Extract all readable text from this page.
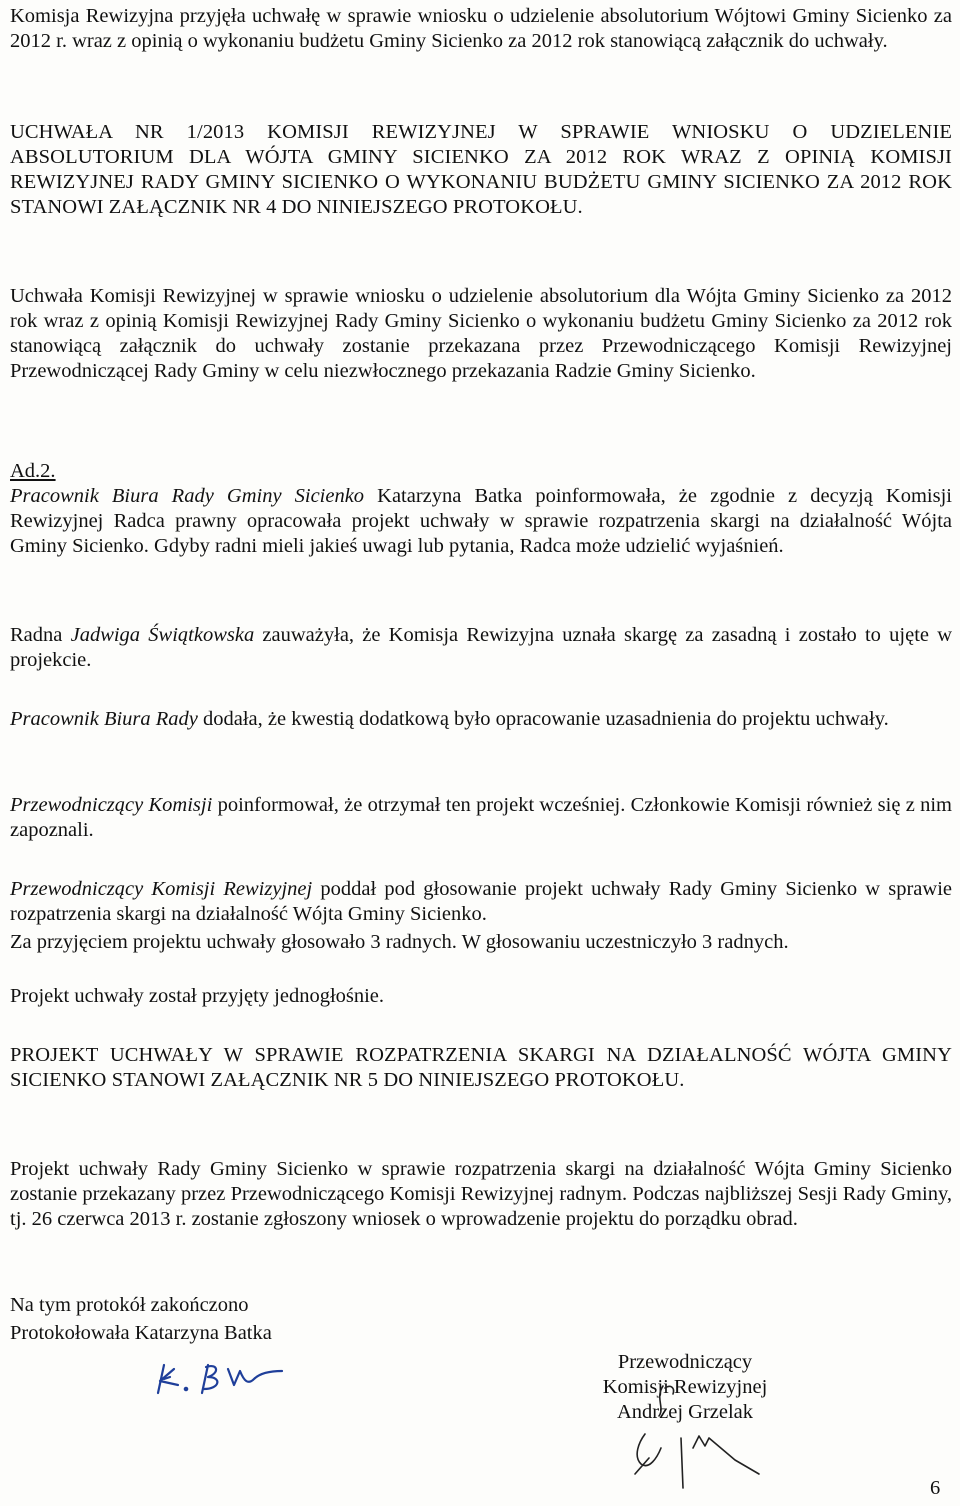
Komisja Rewizyjna przyjęła uchwałę w sprawie wniosku o udzielenie absolutorium Wójtowi Gminy Sicienko za 2012 r. wraz z opinią o wykonaniu budżetu Gminy Sicienko za 2012 rok stanowiącą załącznik do uchwały.

UCHWAŁA NR 1/2013 KOMISJI REWIZYJNEJ W SPRAWIE WNIOSKU O UDZIELENIE ABSOLUTORIUM DLA WÓJTA GMINY SICIENKO ZA 2012 ROK WRAZ Z OPINIĄ KOMISJI REWIZYJNEJ RADY GMINY SICIENKO O WYKONANIU BUDŻETU GMINY SICIENKO ZA 2012 ROK STANOWI ZAŁĄCZNIK NR 4 DO NINIEJSZEGO PROTOKOŁU.

Uchwała Komisji Rewizyjnej w sprawie wniosku o udzielenie absolutorium dla Wójta Gminy Sicienko za 2012 rok wraz z opinią Komisji Rewizyjnej Rady Gminy Sicienko o wykonaniu budżetu Gminy Sicienko za 2012 rok stanowiącą załącznik do uchwały zostanie przekazana przez Przewodniczącego Komisji Rewizyjnej Przewodniczącej Rady Gminy w celu niezwłocznego przekazania Radzie Gminy Sicienko.

Ad.2.

Pracownik Biura Rady Gminy Sicienko Katarzyna Batka poinformowała, że zgodnie z decyzją Komisji Rewizyjnej Radca prawny opracowała projekt uchwały w sprawie rozpatrzenia skargi na działalność Wójta Gminy Sicienko. Gdyby radni mieli jakieś uwagi lub pytania, Radca może udzielić wyjaśnień.

Radna Jadwiga Świątkowska zauważyła, że Komisja Rewizyjna uznała skargę za zasadną i zostało to ujęte w projekcie.

Pracownik Biura Rady dodała, że kwestią dodatkową było opracowanie uzasadnienia do projektu uchwały.

Przewodniczący Komisji poinformował, że otrzymał ten projekt wcześniej. Członkowie Komisji również się z nim zapoznali.

Przewodniczący Komisji Rewizyjnej poddał pod głosowanie projekt uchwały Rady Gminy Sicienko w sprawie rozpatrzenia skargi na działalność Wójta Gminy Sicienko.

Za przyjęciem projektu uchwały głosowało 3 radnych. W głosowaniu uczestniczyło 3 radnych.

Projekt uchwały został przyjęty jednogłośnie.

PROJEKT UCHWAŁY W SPRAWIE ROZPATRZENIA SKARGI NA DZIAŁALNOŚĆ WÓJTA GMINY SICIENKO STANOWI ZAŁĄCZNIK NR 5 DO NINIEJSZEGO PROTOKOŁU.

Projekt uchwały Rady Gminy Sicienko w sprawie rozpatrzenia skargi na działalność Wójta Gminy Sicienko zostanie przekazany przez Przewodniczącego Komisji Rewizyjnej radnym. Podczas najbliższej Sesji Rady Gminy, tj. 26 czerwca 2013 r. zostanie zgłoszony wniosek o wprowadzenie projektu do porządku obrad.

Na tym protokół zakończono

Protokołowała Katarzyna Batka

Przewodniczący
Komisji Rewizyjnej
Andrzej Grzelak
6
